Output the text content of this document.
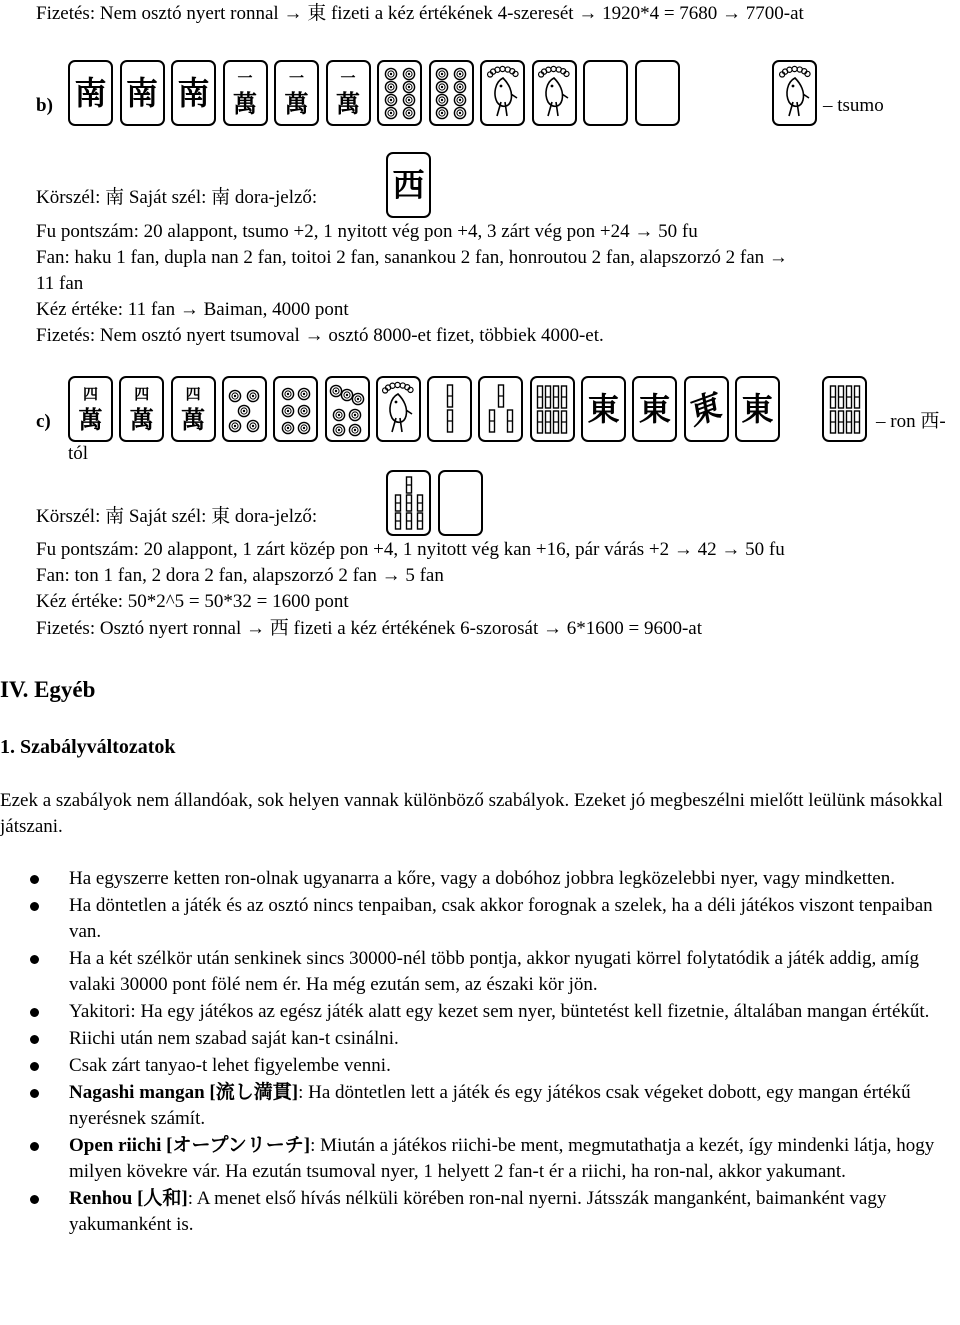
Fizetés: Nem osztó nyert ronnal → 東 fizeti a kéz értékének 4-szeresét → 1920*4 = 7680 → 7700-at
b) 南 南 南 一
萬
一
萬
一
萬	– tsumo
Körszél: 南 Saját szél: 南 dora-jelző: 西
Fu pontszám: 20 alappont, tsumo +2, 1 nyitott vég pon +4, 3 zárt vég pon +24 → 50 fu
Fan: haku 1 fan, dupla nan 2 fan, toitoi 2 fan, sanankou 2 fan, honroutou 2 fan, alapszorzó 2 fan →
11 fan
Kéz értéke: 11 fan → Baiman, 4000 pont
Fizetés: Nem osztó nyert tsumoval → osztó 8000-et fizet, többiek 4000-et.
c)
四
萬
四
萬
四
萬	東 東 東 東	– ron 西-
tól
Körszél: 南 Saját szél: 東 dora-jelző:
Fu pontszám: 20 alappont, 1 zárt közép pon +4, 1 nyitott vég kan +16, pár várás +2 → 42 → 50 fu
Fan: ton 1 fan, 2 dora 2 fan, alapszorzó 2 fan → 5 fan
Kéz értéke: 50*2^5 = 50*32 = 1600 pont
Fizetés: Osztó nyert ronnal → 西 fizeti a kéz értékének 6-szorosát → 6*1600 = 9600-at
IV. Egyéb
1. Szabályváltozatok
Ezek a szabályok nem állandóak, sok helyen vannak különböző szabályok. Ezeket jó megbeszélni mielőtt leülünk másokkal játszani.
Ha egyszerre ketten ron-olnak ugyanarra a kőre, vagy a dobóhoz jobbra legközelebbi nyer, vagy mindketten.
Ha döntetlen a játék és az osztó nincs tenpaiban, csak akkor forognak a szelek, ha a déli játékos viszont tenpaiban van.
Ha a két szélkör után senkinek sincs 30000-nél több pontja, akkor nyugati körrel folytatódik a játék addig, amíg valaki 30000 pont fölé nem ér. Ha még ezután sem, az északi kör jön.
Yakitori: Ha egy játékos az egész játék alatt egy kezet sem nyer, büntetést kell fizetnie, általában mangan értékűt.
Riichi után nem szabad saját kan-t csinálni.
Csak zárt tanyao-t lehet figyelembe venni.
Nagashi mangan [流し満貫]: Ha döntetlen lett a játék és egy játékos csak végeket dobott, egy mangan értékű nyerésnek számít.
Open riichi [オープンリーチ]: Miután a játékos riichi-be ment, megmutathatja a kezét, így mindenki látja, hogy milyen kövekre vár. Ha ezután tsumoval nyer, 1 helyett 2 fan-t ér a riichi, ha ron-nal, akkor yakumant.
Renhou [人和]: A menet első hívás nélküli körében ron-nal nyerni. Játsszák manganként, baimanként vagy yakumanként is.
